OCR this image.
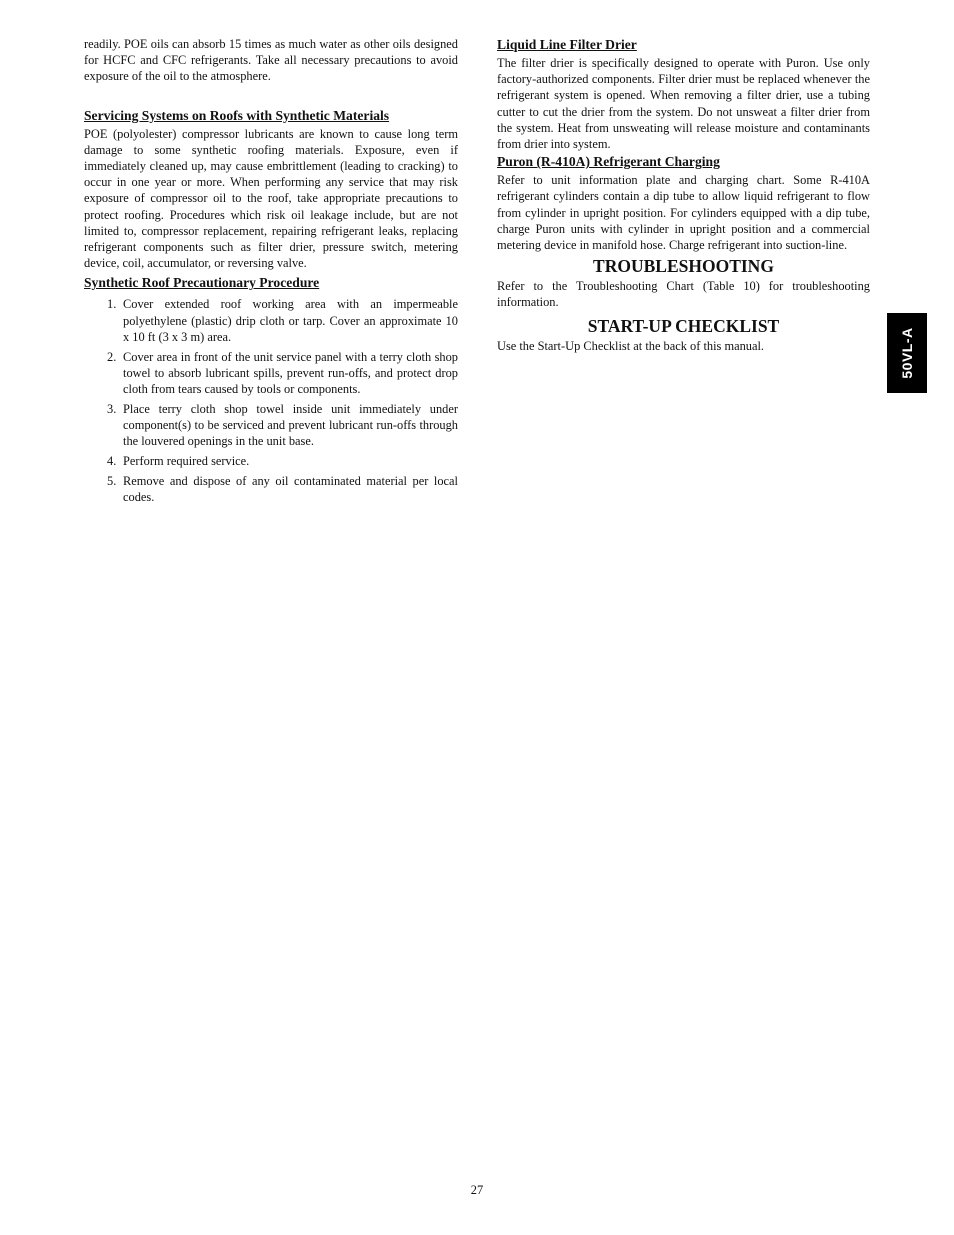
readily. POE oils can absorb 15 times as much water as other oils designed for HCFC and CFC refrigerants. Take all necessary precautions to avoid exposure of the oil to the atmosphere.

Servicing Systems on Roofs with Synthetic Materials

POE (polyolester) compressor lubricants are known to cause long term damage to some synthetic roofing materials. Exposure, even if immediately cleaned up, may cause embrittlement (leading to cracking) to occur in one year or more. When performing any service that may risk exposure of compressor oil to the roof, take appropriate precautions to protect roofing. Procedures which risk oil leakage include, but are not limited to, compressor replacement, repairing refrigerant leaks, replacing refrigerant components such as filter drier, pressure switch, metering device, coil, accumulator, or reversing valve.

Synthetic Roof Precautionary Procedure
1. Cover extended roof working area with an impermeable polyethylene (plastic) drip cloth or tarp. Cover an approximate 10 x 10 ft (3 x 3 m) area.
2. Cover area in front of the unit service panel with a terry cloth shop towel to absorb lubricant spills, prevent run-offs, and protect drop cloth from tears caused by tools or components.
3. Place terry cloth shop towel inside unit immediately under component(s) to be serviced and prevent lubricant run-offs through the louvered openings in the unit base.
4. Perform required service.
5. Remove and dispose of any oil contaminated material per local codes.
Liquid Line Filter Drier

The filter drier is specifically designed to operate with Puron. Use only factory-authorized components. Filter drier must be replaced whenever the refrigerant system is opened. When removing a filter drier, use a tubing cutter to cut the drier from the system. Do not unsweat a filter drier from the system. Heat from unsweating will release moisture and contaminants from drier into system.

Puron (R-410A) Refrigerant Charging

Refer to unit information plate and charging chart. Some R-410A refrigerant cylinders contain a dip tube to allow liquid refrigerant to flow from cylinder in upright position. For cylinders equipped with a dip tube, charge Puron units with cylinder in upright position and a commercial metering device in manifold hose. Charge refrigerant into suction-line.

TROUBLESHOOTING

Refer to the Troubleshooting Chart (Table 10) for troubleshooting information.

START-UP CHECKLIST

Use the Start-Up Checklist at the back of this manual.	50VL-A
27
